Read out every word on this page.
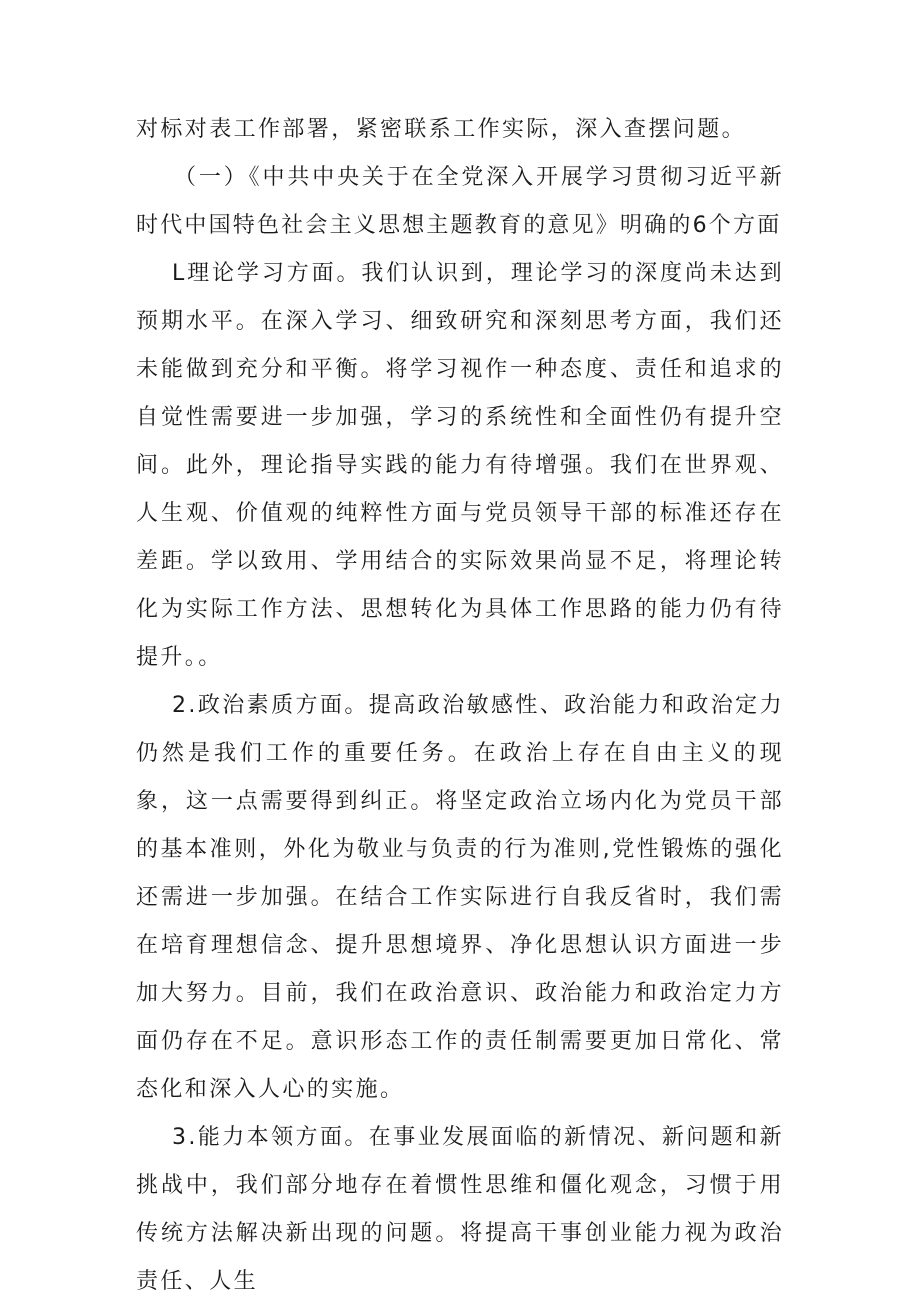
对标对表工作部署，紧密联系工作实际，深入查摆问题。

（一）《中共中央关于在全党深入开展学习贯彻习近平新时代中国特色社会主义思想主题教育的意见》明确的6个方面

L理论学习方面。我们认识到，理论学习的深度尚未达到预期水平。在深入学习、细致研究和深刻思考方面，我们还未能做到充分和平衡。将学习视作一种态度、责任和追求的自觉性需要进一步加强，学习的系统性和全面性仍有提升空间。此外，理论指导实践的能力有待增强。我们在世界观、人生观、价值观的纯粹性方面与党员领导干部的标准还存在差距。学以致用、学用结合的实际效果尚显不足，将理论转化为实际工作方法、思想转化为具体工作思路的能力仍有待提升。。

2.政治素质方面。提高政治敏感性、政治能力和政治定力仍然是我们工作的重要任务。在政治上存在自由主义的现象，这一点需要得到纠正。将坚定政治立场内化为党员干部的基本准则，外化为敬业与负责的行为准则,党性锻炼的强化还需进一步加强。在结合工作实际进行自我反省时，我们需在培育理想信念、提升思想境界、净化思想认识方面进一步加大努力。目前，我们在政治意识、政治能力和政治定力方面仍存在不足。意识形态工作的责任制需要更加日常化、常态化和深入人心的实施。

3.能力本领方面。在事业发展面临的新情况、新问题和新挑战中，我们部分地存在着惯性思维和僵化观念，习惯于用传统方法解决新出现的问题。将提高干事创业能力视为政治责任、人生
